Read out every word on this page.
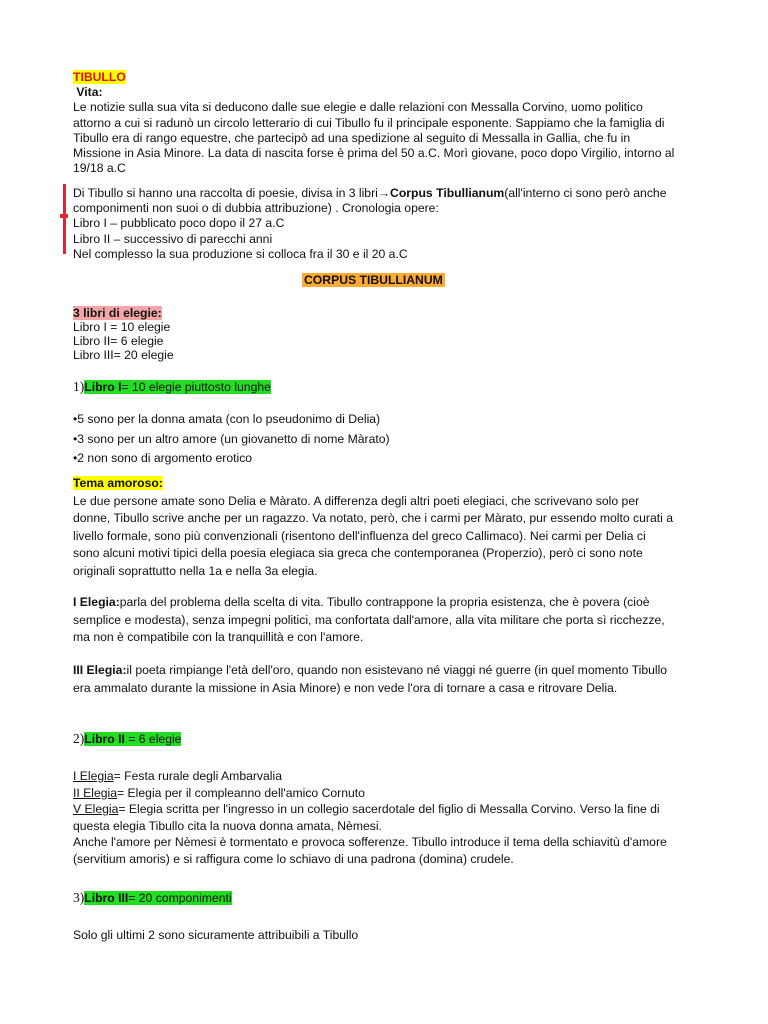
TIBULLO
Vita:
Le notizie sulla sua vita si deducono dalle sue elegie e dalle relazioni con Messalla Corvino, uomo politico
attorno a cui si radunò un circolo letterario di cui Tibullo fu il principale esponente. Sappiamo che la famiglia di
Tibullo era di rango equestre, che partecipò ad una spedizione al seguito di Messalla in Gallia, che fu in
Missione in Asia Minore. La data di nascita forse è prima del 50 a.C. Morì giovane, poco dopo Virgilio, intorno al
19/18 a.C
Di Tibullo si hanno una raccolta di poesie, divisa in 3 libri→Corpus Tibullianum(all'interno ci sono però anche
componimenti non suoi o di dubbia attribuzione) . Cronologia opere:
Libro I – pubblicato poco dopo il 27 a.C
Libro II – successivo di parecchi anni
Nel complesso la sua produzione si colloca fra il 30 e il 20 a.C
CORPUS TIBULLIANUM
3 libri di elegie:
Libro I = 10 elegie
Libro II= 6 elegie
Libro III= 20 elegie
1)Libro I= 10 elegie piuttosto lunghe
•5 sono per la donna amata (con lo pseudonimo di Delia)
•3 sono per un altro amore (un giovanetto di nome Màrato)
•2 non sono di argomento erotico
Tema amoroso:
Le due persone amate sono Delia e Màrato. A differenza degli altri poeti elegiaci, che scrivevano solo per
donne, Tibullo scrive anche per un ragazzo. Va notato, però, che i carmi per Màrato, pur essendo molto curati a
livello formale, sono più convenzionali (risentono dell'influenza del greco Callimaco). Nei carmi per Delia ci
sono alcuni motivi tipici della poesia elegiaca sia greca che contemporanea (Properzio), però ci sono note
originali soprattutto nella 1a e nella 3a elegia.
I Elegia:parla del problema della scelta di vita. Tibullo contrappone la propria esistenza, che è povera (cioè
semplice e modesta), senza impegni politici, ma confortata dall'amore, alla vita militare che porta sì ricchezze,
ma non è compatibile con la tranquillità e con l'amore.
III Elegia:il poeta rimpiange l'età dell'oro, quando non esistevano né viaggi né guerre (in quel momento Tibullo
era ammalato durante la missione in Asia Minore) e non vede l'ora di tornare a casa e ritrovare Delia.
2)Libro II = 6 elegie
I Elegia= Festa rurale degli Ambarvalia
II Elegia= Elegia per il compleanno dell'amico Cornuto
V Elegia= Elegia scritta per l'ingresso in un collegio sacerdotale del figlio di Messalla Corvino. Verso la fine di
questa elegia Tibullo cita la nuova donna amata, Nèmesi.
Anche l'amore per Nèmesi è tormentato e provoca sofferenze. Tibullo introduce il tema della schiavitù d'amore
(servitium amoris) e si raffigura come lo schiavo di una padrona (domina) crudele.
3)Libro III= 20 componimenti
Solo gli ultimi 2 sono sicuramente attribuibili a Tibullo
